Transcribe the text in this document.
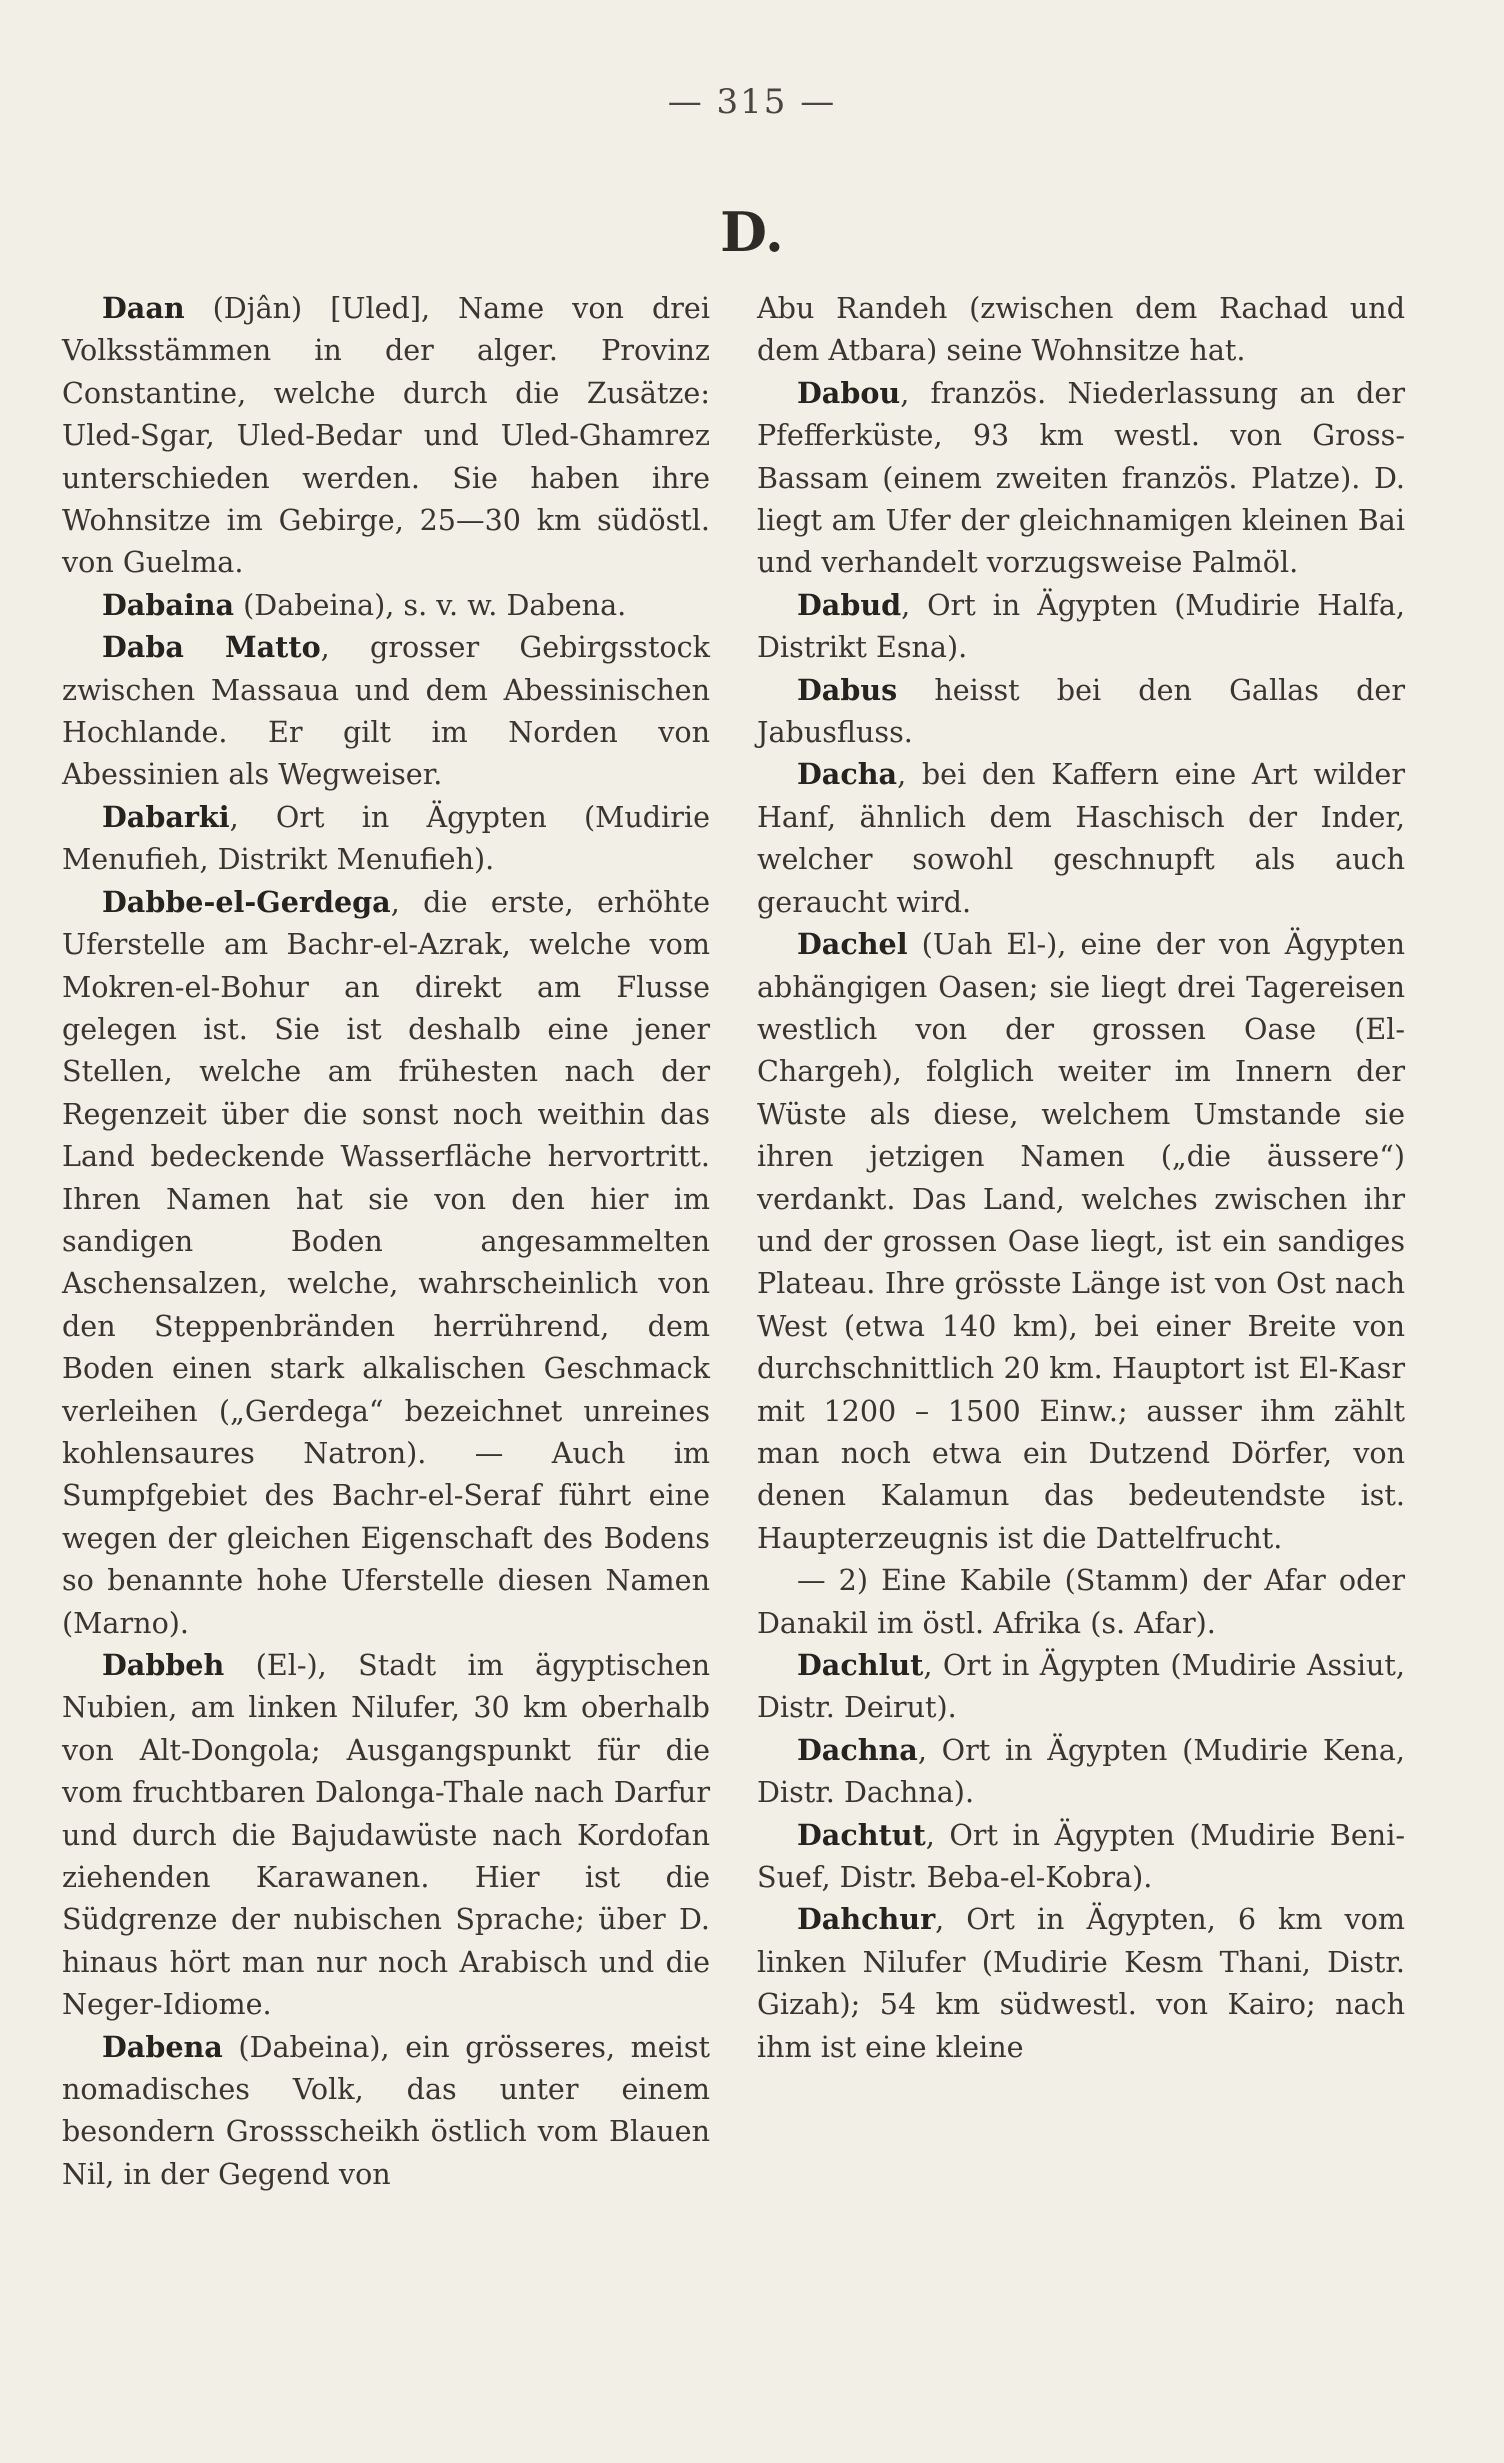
— 315 —
D.

Daan (Djân) [Uled], Name von drei Volksstämmen in der alger. Provinz Constantine, welche durch die Zusätze: Uled-Sgar, Uled-Bedar und Uled-Ghamrez unterschieden werden. Sie haben ihre Wohnsitze im Gebirge, 25—30 km südöstl. von Guelma.

Dabaina (Dabeina), s. v. w. Dabena.

Daba Matto, grosser Gebirgsstock zwischen Massaua und dem Abessinischen Hochlande. Er gilt im Norden von Abessinien als Wegweiser.

Dabarki, Ort in Ägypten (Mudirie Menufieh, Distrikt Menufieh).

Dabbe-el-Gerdega, die erste, erhöhte Uferstelle am Bachr-el-Azrak, welche vom Mokren-el-Bohur an direkt am Flusse gelegen ist. Sie ist deshalb eine jener Stellen, welche am frühesten nach der Regenzeit über die sonst noch weithin das Land bedeckende Wasserfläche hervortritt. Ihren Namen hat sie von den hier im sandigen Boden angesammelten Aschensalzen, welche, wahrscheinlich von den Steppenbränden herrührend, dem Boden einen stark alkalischen Geschmack verleihen („Gerdega“ bezeichnet unreines kohlensaures Natron). — Auch im Sumpfgebiet des Bachr-el-Seraf führt eine wegen der gleichen Eigenschaft des Bodens so benannte hohe Uferstelle diesen Namen (Marno).

Dabbeh (El-), Stadt im ägyptischen Nubien, am linken Nilufer, 30 km oberhalb von Alt-Dongola; Ausgangspunkt für die vom fruchtbaren Dalonga-Thale nach Darfur und durch die Bajudawüste nach Kordofan ziehenden Karawanen. Hier ist die Südgrenze der nubischen Sprache; über D. hinaus hört man nur noch Arabisch und die Neger-Idiome.

Dabena (Dabeina), ein grösseres, meist nomadisches Volk, das unter einem besondern Grossscheikh östlich vom Blauen Nil, in der Gegend von

Abu Randeh (zwischen dem Rachad und dem Atbara) seine Wohnsitze hat.

Dabou, französ. Niederlassung an der Pfefferküste, 93 km westl. von Gross-Bassam (einem zweiten französ. Platze). D. liegt am Ufer der gleichnamigen kleinen Bai und verhandelt vorzugsweise Palmöl.

Dabud, Ort in Ägypten (Mudirie Halfa, Distrikt Esna).

Dabus heisst bei den Gallas der Jabusfluss.

Dacha, bei den Kaffern eine Art wilder Hanf, ähnlich dem Haschisch der Inder, welcher sowohl geschnupft als auch geraucht wird.

Dachel (Uah El-), eine der von Ägypten abhängigen Oasen; sie liegt drei Tagereisen westlich von der grossen Oase (El-Chargeh), folglich weiter im Innern der Wüste als diese, welchem Umstande sie ihren jetzigen Namen („die äussere“) verdankt. Das Land, welches zwischen ihr und der grossen Oase liegt, ist ein sandiges Plateau. Ihre grösste Länge ist von Ost nach West (etwa 140 km), bei einer Breite von durchschnittlich 20 km. Hauptort ist El-Kasr mit 1200 – 1500 Einw.; ausser ihm zählt man noch etwa ein Dutzend Dörfer, von denen Kalamun das bedeutendste ist. Haupterzeugnis ist die Dattelfrucht.

— 2) Eine Kabile (Stamm) der Afar oder Danakil im östl. Afrika (s. Afar).

Dachlut, Ort in Ägypten (Mudirie Assiut, Distr. Deirut).

Dachna, Ort in Ägypten (Mudirie Kena, Distr. Dachna).

Dachtut, Ort in Ägypten (Mudirie Beni-Suef, Distr. Beba-el-Kobra).

Dahchur, Ort in Ägypten, 6 km vom linken Nilufer (Mudirie Kesm Thani, Distr. Gizah); 54 km südwestl. von Kairo; nach ihm ist eine kleine
